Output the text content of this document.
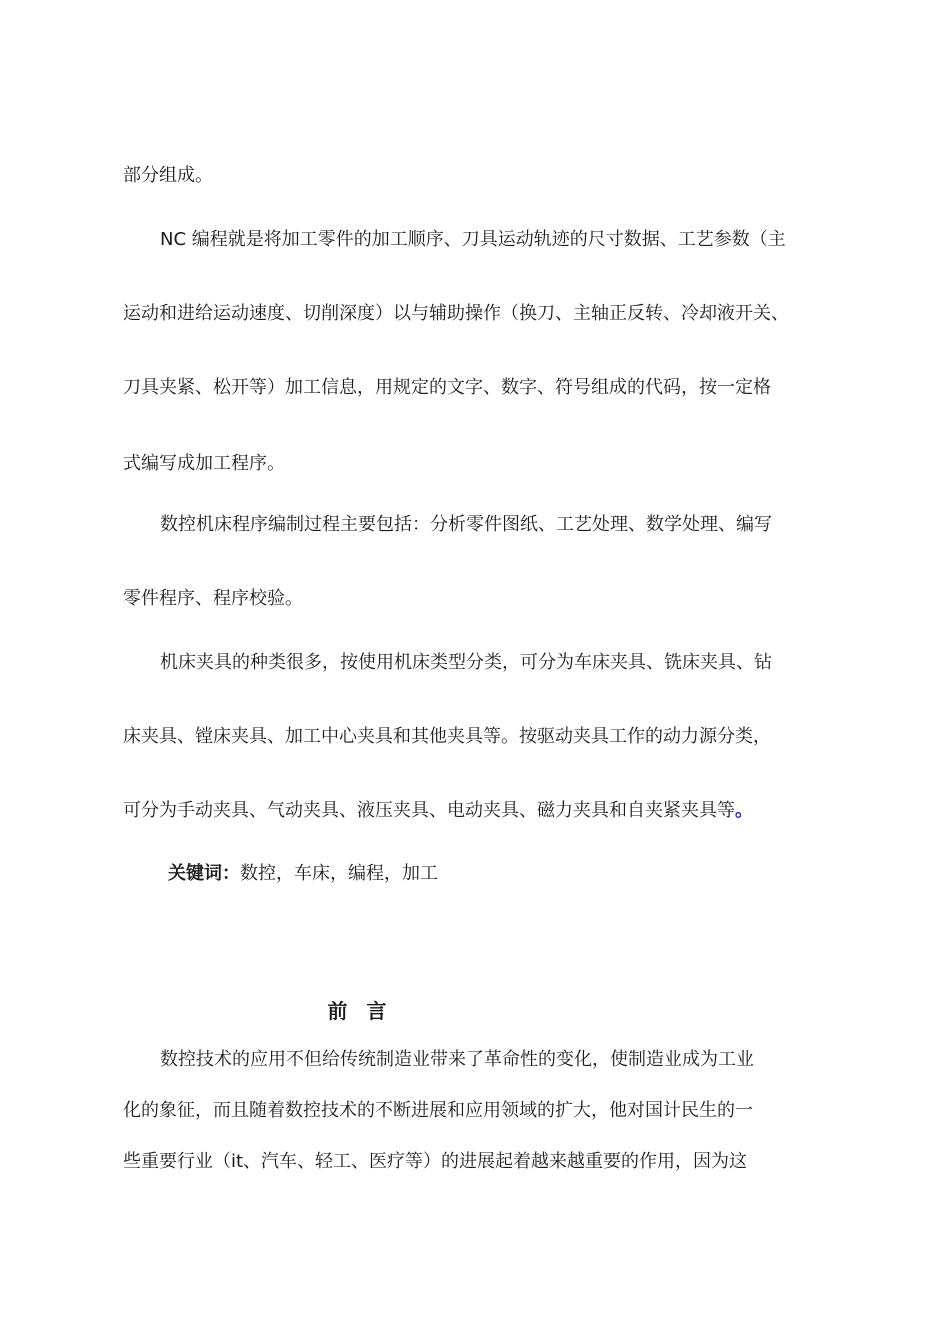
部分组成。
NC 编程就是将加工零件的加工顺序、刀具运动轨迹的尺寸数据、工艺参数（主
运动和进给运动速度、切削深度）以与辅助操作（换刀、主轴正反转、冷却液开关、
刀具夹紧、松开等）加工信息，用规定的文字、数字、符号组成的代码，按一定格
式编写成加工程序。
数控机床程序编制过程主要包括：分析零件图纸、工艺处理、数学处理、编写
零件程序、程序校验。
机床夹具的种类很多，按使用机床类型分类，可分为车床夹具、铣床夹具、钻
床夹具、镗床夹具、加工中心夹具和其他夹具等。按驱动夹具工作的动力源分类，
可分为手动夹具、气动夹具、液压夹具、电动夹具、磁力夹具和自夹紧夹具等。
关键词：数控，车床，编程，加工
前 言
数控技术的应用不但给传统制造业带来了革命性的变化，使制造业成为工业
化的象征，而且随着数控技术的不断进展和应用领域的扩大，他对国计民生的一
些重要行业（it、汽车、轻工、医疗等）的进展起着越来越重要的作用，因为这
